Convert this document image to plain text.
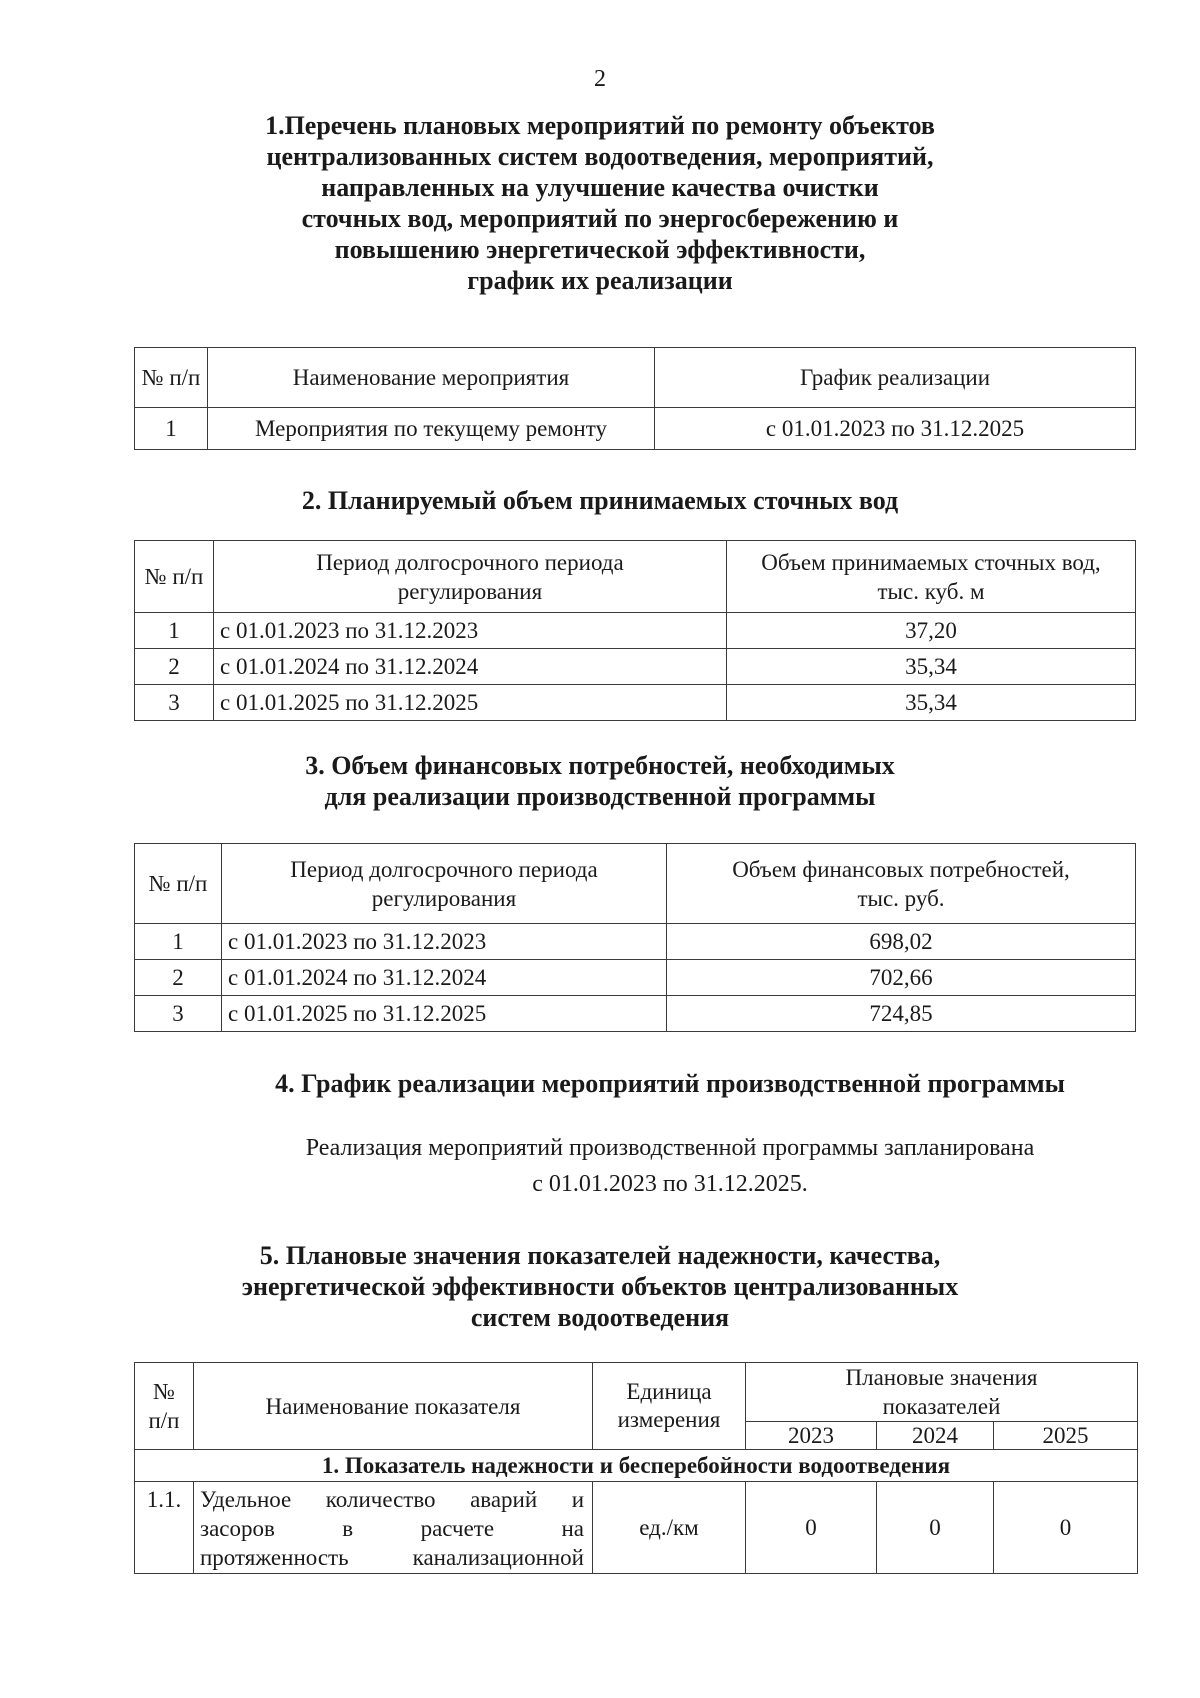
2
1.Перечень плановых мероприятий по ремонту объектов
централизованных систем водоотведения, мероприятий,
направленных на улучшение качества очистки
сточных вод, мероприятий по энергосбережению и
повышению энергетической эффективности,
график их реализации
№ п/п	Наименование мероприятия	График реализации
1	Мероприятия по текущему ремонту	с 01.01.2023 по 31.12.2025
2. Планируемый объем принимаемых сточных вод
№ п/п	Период долгосрочного периода регулирования	Объем принимаемых сточных вод, тыс. куб. м
1	с 01.01.2023 по 31.12.2023	37,20
2	с 01.01.2024 по 31.12.2024	35,34
3	с 01.01.2025 по 31.12.2025	35,34
3. Объем финансовых потребностей, необходимых
для реализации производственной программы
№ п/п	Период долгосрочного периода регулирования	Объем финансовых потребностей, тыс. руб.
1	с 01.01.2023 по 31.12.2023	698,02
2	с 01.01.2024 по 31.12.2024	702,66
3	с 01.01.2025 по 31.12.2025	724,85
4. График реализации мероприятий производственной программы
Реализация мероприятий производственной программы запланирована
с 01.01.2023 по 31.12.2025.
5. Плановые значения показателей надежности, качества,
энергетической эффективности объектов централизованных
систем водоотведения
№ п/п	Наименование показателя	Единица измерения	Плановые значения показателей		
			2023	2024	2025
1. Показатель надежности и бесперебойности водоотведения					
1.1.	Удельное количество аварий и
засоров в расчете на
протяженность канализационной	ед./км	0	0	0
